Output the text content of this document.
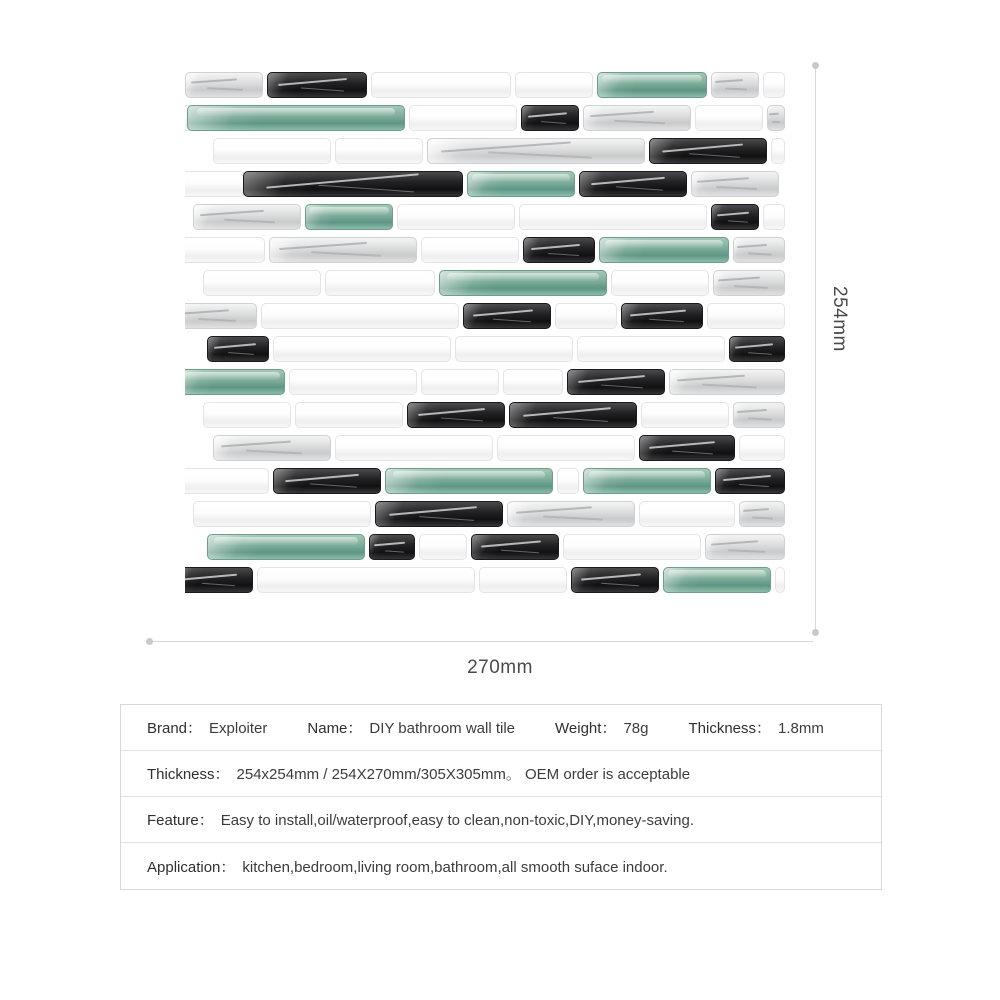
254mm
270mm
Brand： Exploiter	Name： DIY bathroom wall tile	Weight： 78g	Thickness： 1.8mm
Thickness： 254x254mm / 254X270mm/305X305mm。 OEM order is acceptable
Feature： Easy to install,oil/waterproof,easy to clean,non-toxic,DIY,money-saving.
Application： kitchen,bedroom,living room,bathroom,all smooth suface indoor.
